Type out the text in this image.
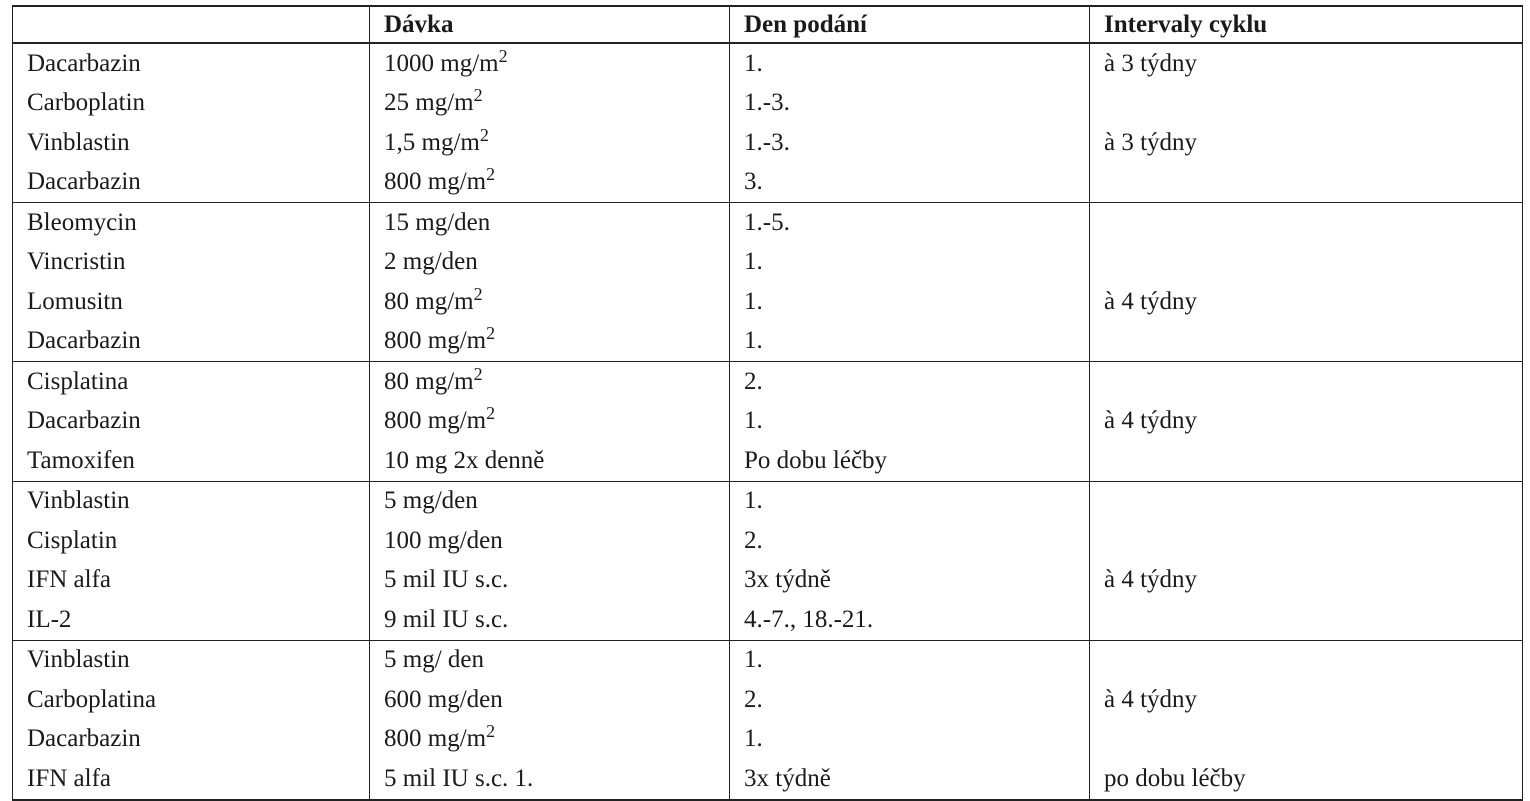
	Dávka	Den podání	Intervaly cyklu
Dacarbazin	1000 $mg/m^2$	1.	à 3 týdny
Carboplatin	25 $mg/m^2$	1.-3.	
Vinblastin	1,5 $mg/m^2$	1.-3.	à 3 týdny
Dacarbazin	800 $mg/m^2$	3.	
Bleomycin	15 mg/den	1.-5.	
Vincristin	2 mg/den	1.	
Lomusitn	80 $mg/m^2$	1.	à 4 týdny
Dacarbazin	800 $mg/m^2$	1.	
Cisplatina	80 $mg/m^2$	2.	
Dacarbazin	800 $mg/m^2$	1.	à 4 týdny
Tamoxifen	10 mg 2x denně	Po dobu léčby	
Vinblastin	5 mg/den	1.	
Cisplatin	100 mg/den	2.	
IFN alfa	5 mil IU s.c.	3x týdně	à 4 týdny
IL-2	9 mil IU s.c.	4.-7., 18.-21.	
Vinblastin	5 mg/ den	1.	
Carboplatina	600 mg/den	2.	à 4 týdny
Dacarbazin	800 $mg/m^2$	1.	
IFN alfa	5 mil IU s.c. 1.	3x týdně	po dobu léčby
